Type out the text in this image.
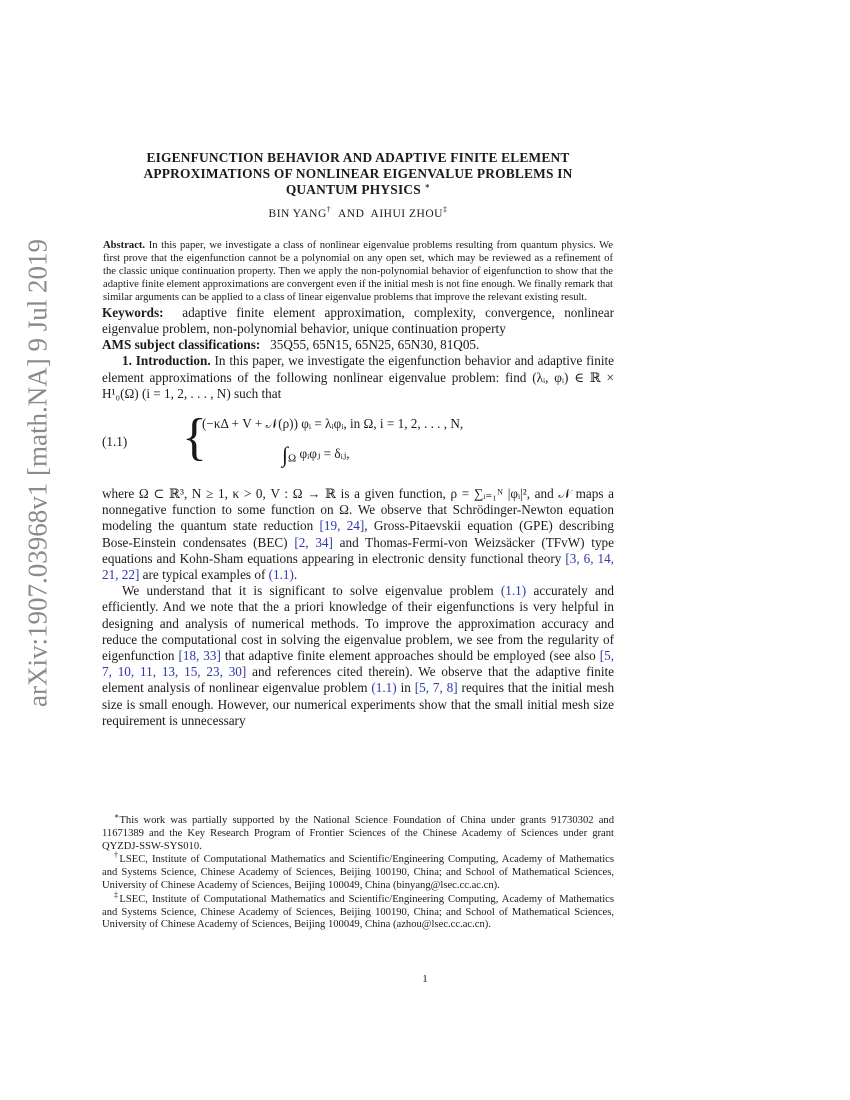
arXiv:1907.03968v1 [math.NA] 9 Jul 2019
EIGENFUNCTION BEHAVIOR AND ADAPTIVE FINITE ELEMENT
APPROXIMATIONS OF NONLINEAR EIGENVALUE PROBLEMS IN
QUANTUM PHYSICS ∗
BIN YANG† AND AIHUI ZHOU‡

Abstract. In this paper, we investigate a class of nonlinear eigenvalue problems resulting from quantum physics. We first prove that the eigenfunction cannot be a polynomial on any open set, which may be reviewed as a refinement of the classic unique continuation property. Then we apply the non-polynomial behavior of eigenfunction to show that the adaptive finite element approximations are convergent even if the initial mesh is not fine enough. We finally remark that similar arguments can be applied to a class of linear eigenvalue problems that improve the relevant existing result.

Keywords: adaptive finite element approximation, complexity, convergence, nonlinear eigenvalue problem, non-polynomial behavior, unique continuation property

AMS subject classifications: 35Q55, 65N15, 65N25, 65N30, 81Q05.

1. Introduction. In this paper, we investigate the eigenfunction behavior and adaptive finite element approximations of the following nonlinear eigenvalue problem: find (λᵢ, φᵢ) ∈ ℝ × H¹₀(Ω) (i = 1, 2, . . . , N) such that

(1.1) {
(−κΔ + V + 𝒩(ρ)) φᵢ = λᵢφᵢ, in Ω, i = 1, 2, . . . , N,
$\int_\Omega$ φᵢφⱼ = δᵢⱼ,

where Ω ⊂ ℝ³, N ≥ 1, κ > 0, V : Ω → ℝ is a given function, ρ = ∑ᵢ₌₁ᴺ |φᵢ|², and 𝒩 maps a nonnegative function to some function on Ω. We observe that Schrödinger-Newton equation modeling the quantum state reduction [19, 24], Gross-Pitaevskii equation (GPE) describing Bose-Einstein condensates (BEC) [2, 34] and Thomas-Fermi-von Weizsäcker (TFvW) type equations and Kohn-Sham equations appearing in electronic density functional theory [3, 6, 14, 21, 22] are typical examples of (1.1).

We understand that it is significant to solve eigenvalue problem (1.1) accurately and efficiently. And we note that the a priori knowledge of their eigenfunctions is very helpful in designing and analysis of numerical methods. To improve the approximation accuracy and reduce the computational cost in solving the eigenvalue problem, we see from the regularity of eigenfunction [18, 33] that adaptive finite element approaches should be employed (see also [5, 7, 10, 11, 13, 15, 23, 30] and references cited therein). We observe that the adaptive finite element analysis of nonlinear eigenvalue problem (1.1) in [5, 7, 8] requires that the initial mesh size is small enough. However, our numerical experiments show that the small initial mesh size requirement is unnecessary

∗This work was partially supported by the National Science Foundation of China under grants 91730302 and 11671389 and the Key Research Program of Frontier Sciences of the Chinese Academy of Sciences under grant QYZDJ-SSW-SYS010.

†LSEC, Institute of Computational Mathematics and Scientific/Engineering Computing, Academy of Mathematics and Systems Science, Chinese Academy of Sciences, Beijing 100190, China; and School of Mathematical Sciences, University of Chinese Academy of Sciences, Beijing 100049, China (binyang@lsec.cc.ac.cn).

‡LSEC, Institute of Computational Mathematics and Scientific/Engineering Computing, Academy of Mathematics and Systems Science, Chinese Academy of Sciences, Beijing 100190, China; and School of Mathematical Sciences, University of Chinese Academy of Sciences, Beijing 100049, China (azhou@lsec.cc.ac.cn).

1
